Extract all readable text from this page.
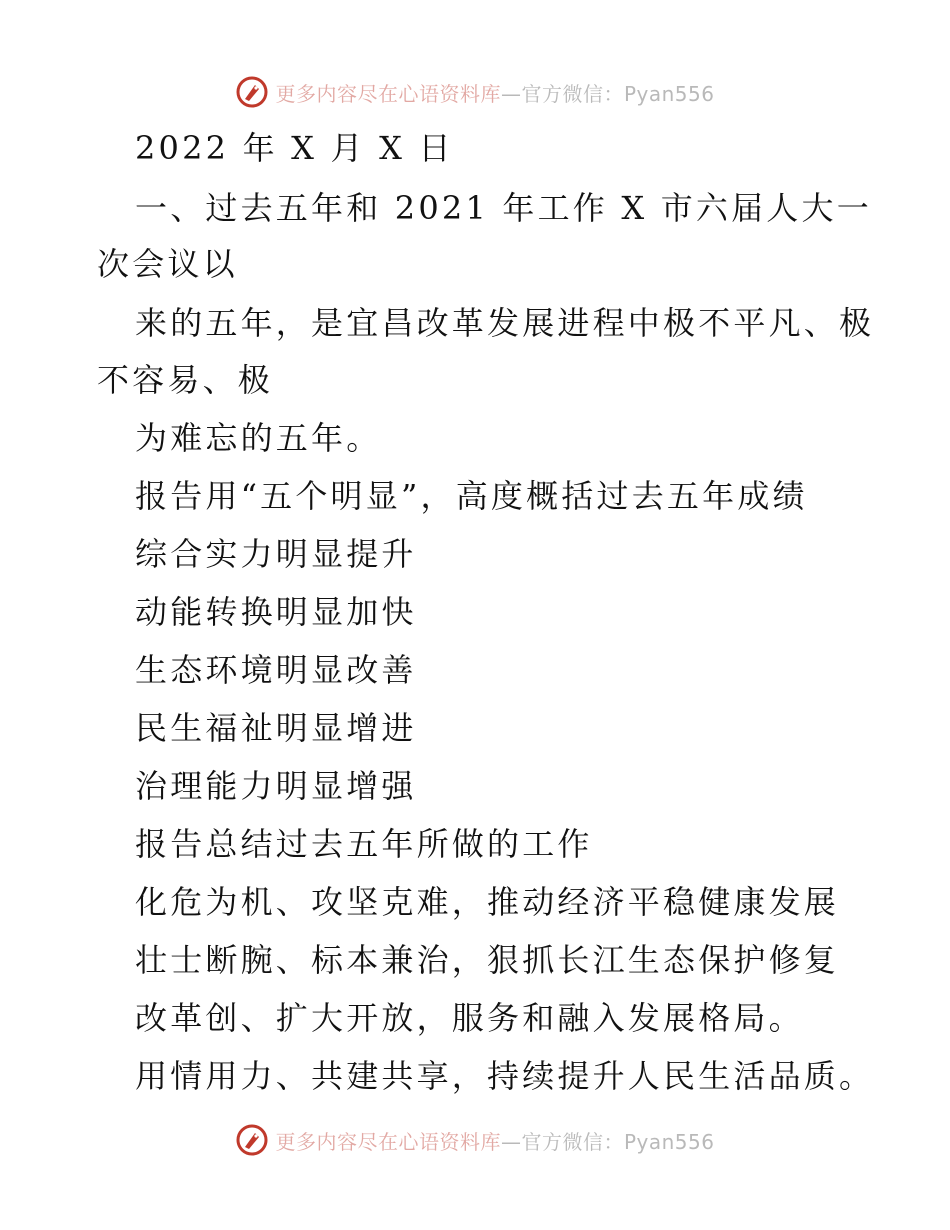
更多内容尽在心语资料库—官方微信：Pyan556
2022 年 X 月 X 日
一、过去五年和 2021 年工作 X 市六届人大一
次会议以
来的五年，是宜昌改革发展进程中极不平凡、极
不容易、极
为难忘的五年。
报告用“五个明显”，高度概括过去五年成绩
综合实力明显提升
动能转换明显加快
生态环境明显改善
民生福祉明显增进
治理能力明显增强
报告总结过去五年所做的工作
化危为机、攻坚克难，推动经济平稳健康发展
壮士断腕、标本兼治，狠抓长江生态保护修复
改革创、扩大开放，服务和融入发展格局。
用情用力、共建共享，持续提升人民生活品质。
更多内容尽在心语资料库—官方微信：Pyan556
